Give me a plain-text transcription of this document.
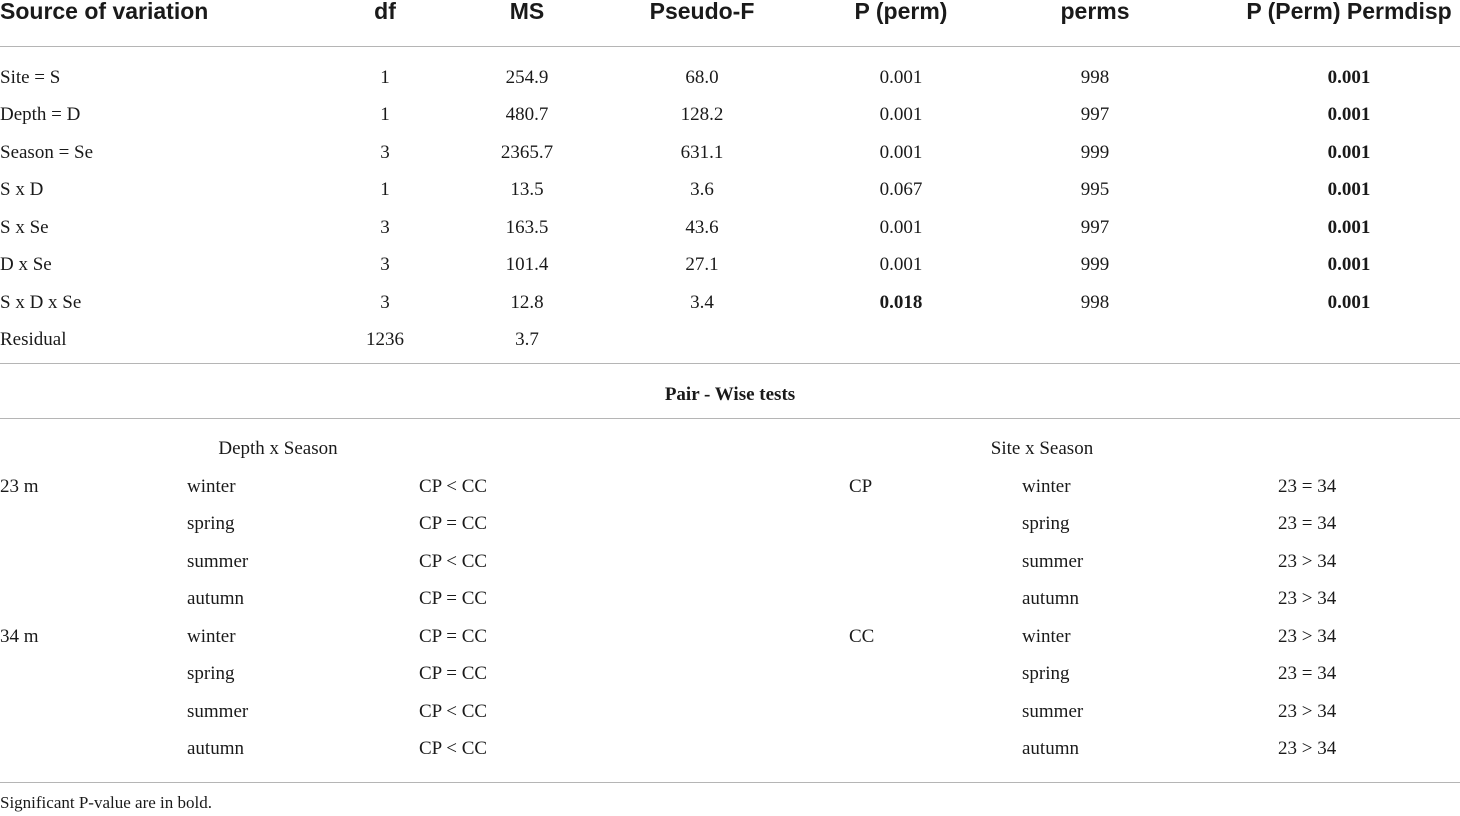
Source of variation	df	MS	Pseudo-F	P (perm)	perms	P (Perm) Permdisp
Site = S	1	254.9	68.0	0.001	998	0.001
Depth = D	1	480.7	128.2	0.001	997	0.001
Season = Se	3	2365.7	631.1	0.001	999	0.001
S x D	1	13.5	3.6	0.067	995	0.001
S x Se	3	163.5	43.6	0.001	997	0.001
D x Se	3	101.4	27.1	0.001	999	0.001
S x D x Se	3	12.8	3.4	0.018	998	0.001
Residual	1236	3.7
Pair - Wise tests
Depth x Season
23 m	winter	CP < CC
spring	CP = CC
summer	CP < CC
autumn	CP = CC
34 m	winter	CP = CC
spring	CP = CC
summer	CP < CC
autumn	CP < CC
Site x Season
CP	winter	23 = 34
spring	23 = 34
summer	23 > 34
autumn	23 > 34
CC	winter	23 > 34
spring	23 = 34
summer	23 > 34
autumn	23 > 34
Significant P-value are in bold.
